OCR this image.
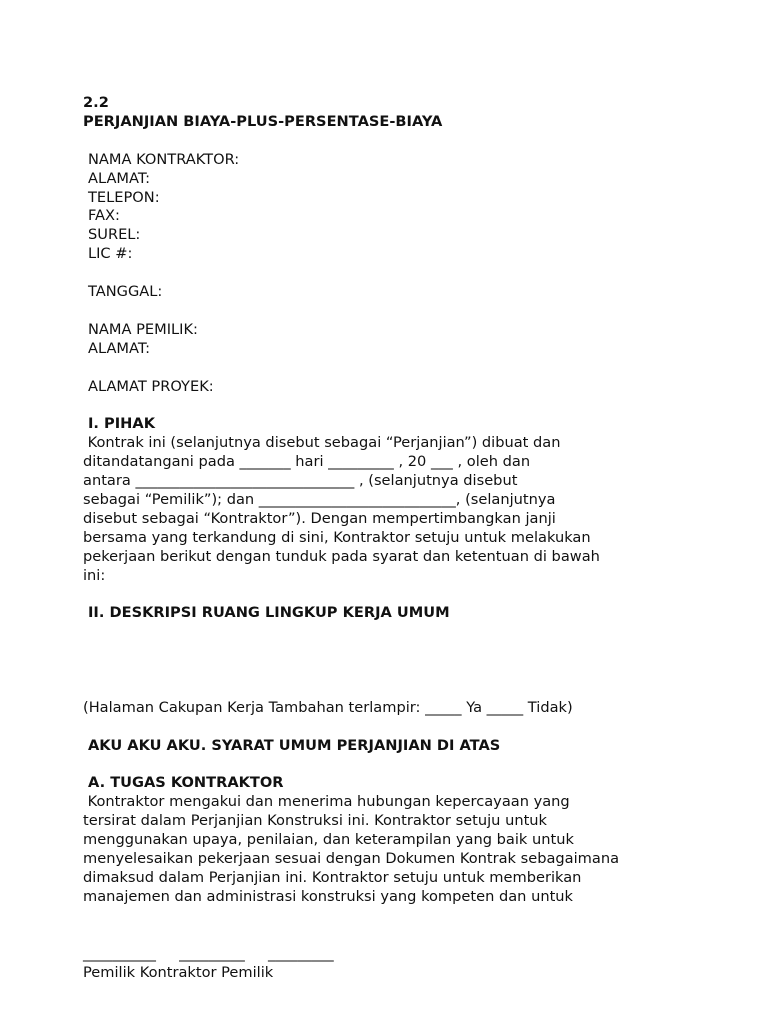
2.2
PERJANJIAN BIAYA-PLUS-PERSENTASE-BIAYA
NAMA KONTRAKTOR:
ALAMAT:
TELEPON:
FAX:
SUREL:
LIC #:
TANGGAL:
NAMA PEMILIK:
ALAMAT:
ALAMAT PROYEK:
I. PIHAK
Kontrak ini (selanjutnya disebut sebagai “Perjanjian”) dibuat dan
ditandatangani pada _______ hari _________ , 20 ___ , oleh dan
antara ______________________________ , (selanjutnya disebut
sebagai “Pemilik”); dan ___________________________, (selanjutnya
disebut sebagai “Kontraktor”). Dengan mempertimbangkan janji
bersama yang terkandung di sini, Kontraktor setuju untuk melakukan
pekerjaan berikut dengan tunduk pada syarat dan ketentuan di bawah
ini:
II. DESKRIPSI RUANG LINGKUP KERJA UMUM
(Halaman Cakupan Kerja Tambahan terlampir: _____ Ya _____ Tidak)
AKU AKU AKU. SYARAT UMUM PERJANJIAN DI ATAS
A. TUGAS KONTRAKTOR
Kontraktor mengakui dan menerima hubungan kepercayaan yang
tersirat dalam Perjanjian Konstruksi ini. Kontraktor setuju untuk
menggunakan upaya, penilaian, dan keterampilan yang baik untuk
menyelesaikan pekerjaan sesuai dengan Dokumen Kontrak sebagaimana
dimaksud dalam Perjanjian ini. Kontraktor setuju untuk memberikan
manajemen dan administrasi konstruksi yang kompeten dan untuk
__________     _________     _________
Pemilik Kontraktor Pemilik
